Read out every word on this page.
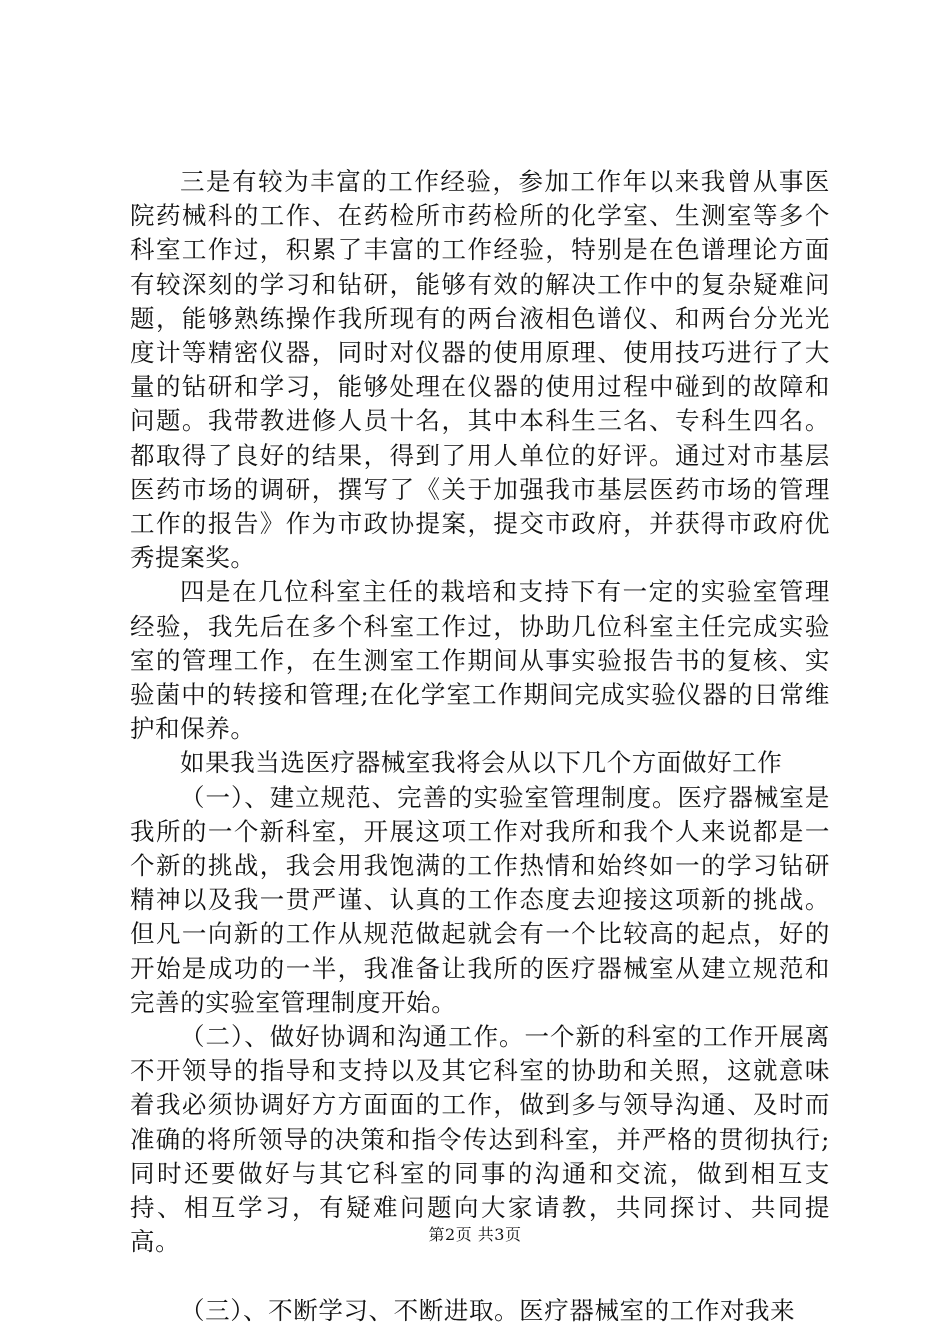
三是有较为丰富的工作经验，参加工作年以来我曾从事医院药械科的工作、在药检所市药检所的化学室、生测室等多个科室工作过，积累了丰富的工作经验，特别是在色谱理论方面有较深刻的学习和钻研，能够有效的解决工作中的复杂疑难问题，能够熟练操作我所现有的两台液相色谱仪、和两台分光光度计等精密仪器，同时对仪器的使用原理、使用技巧进行了大量的钻研和学习，能够处理在仪器的使用过程中碰到的故障和问题。我带教进修人员十名，其中本科生三名、专科生四名。都取得了良好的结果，得到了用人单位的好评。通过对市基层医药市场的调研，撰写了《关于加强我市基层医药市场的管理工作的报告》作为市政协提案，提交市政府，并获得市政府优秀提案奖。

四是在几位科室主任的栽培和支持下有一定的实验室管理经验，我先后在多个科室工作过，协助几位科室主任完成实验室的管理工作，在生测室工作期间从事实验报告书的复核、实验菌中的转接和管理;在化学室工作期间完成实验仪器的日常维护和保养。

如果我当选医疗器械室我将会从以下几个方面做好工作

（一）、建立规范、完善的实验室管理制度。医疗器械室是我所的一个新科室，开展这项工作对我所和我个人来说都是一个新的挑战，我会用我饱满的工作热情和始终如一的学习钻研精神以及我一贯严谨、认真的工作态度去迎接这项新的挑战。但凡一向新的工作从规范做起就会有一个比较高的起点，好的开始是成功的一半，我准备让我所的医疗器械室从建立规范和完善的实验室管理制度开始。

（二）、做好协调和沟通工作。一个新的科室的工作开展离不开领导的指导和支持以及其它科室的协助和关照，这就意味着我必须协调好方方面面的工作，做到多与领导沟通、及时而准确的将所领导的决策和指令传达到科室，并严格的贯彻执行;同时还要做好与其它科室的同事的沟通和交流，做到相互支持、相互学习，有疑难问题向大家请教，共同探讨、共同提高。

（三）、不断学习、不断进取。医疗器械室的工作对我来

第2页 共3页
